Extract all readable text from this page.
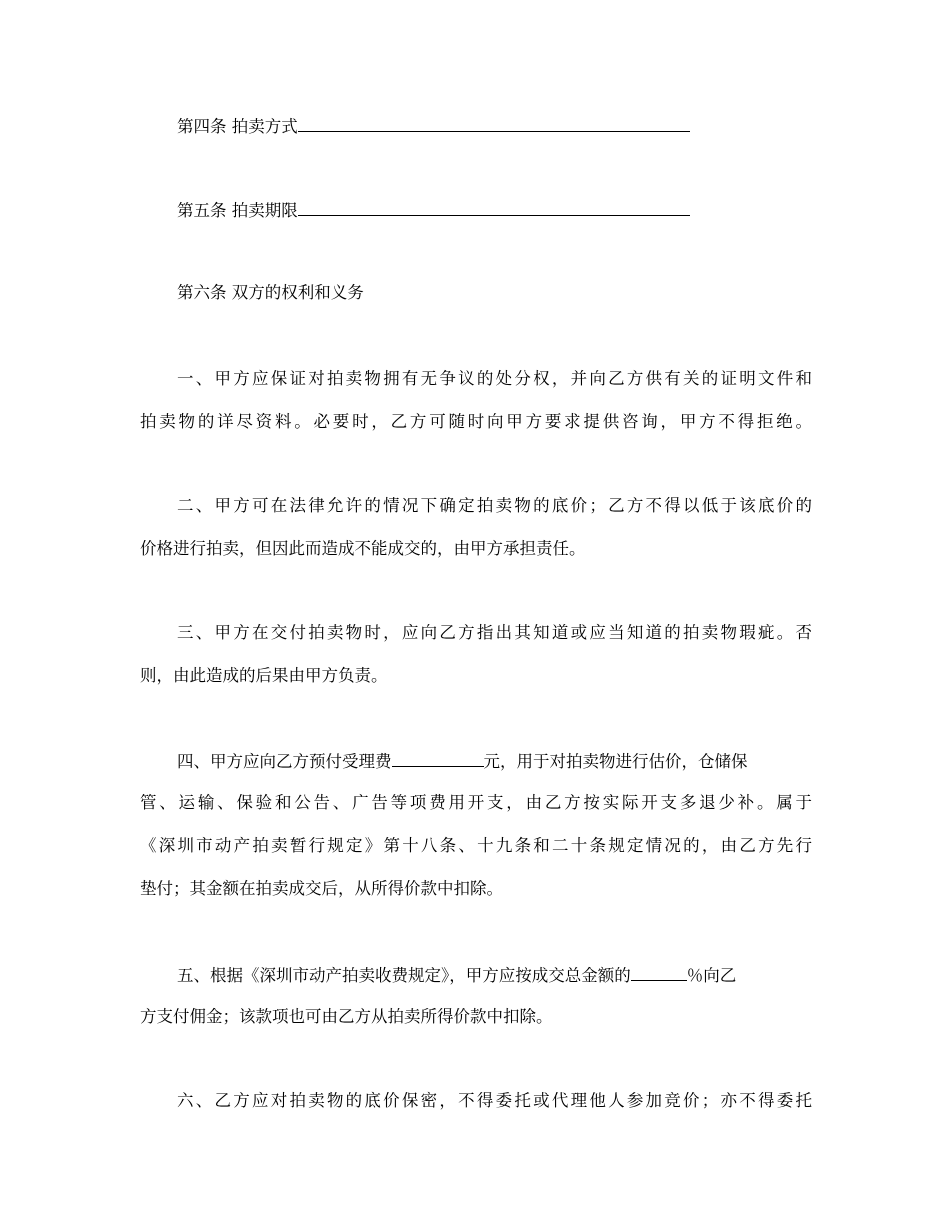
第四条 拍卖方式
第五条 拍卖期限
第六条 双方的权利和义务
一、甲方应保证对拍卖物拥有无争议的处分权，并向乙方供有关的证明文件和
拍卖物的详尽资料。必要时，乙方可随时向甲方要求提供咨询，甲方不得拒绝。
二、甲方可在法律允许的情况下确定拍卖物的底价；乙方不得以低于该底价的
价格进行拍卖，但因此而造成不能成交的，由甲方承担责任。
三、甲方在交付拍卖物时，应向乙方指出其知道或应当知道的拍卖物瑕疵。否
则，由此造成的后果由甲方负责。
四、甲方应向乙方预付受理费	元，用于对拍卖物进行估价，仓储保
管、运输、保验和公告、广告等项费用开支，由乙方按实际开支多退少补。属于
《深圳市动产拍卖暂行规定》第十八条、十九条和二十条规定情况的，由乙方先行
垫付；其金额在拍卖成交后，从所得价款中扣除。
五、根据《深圳市动产拍卖收费规定》，甲方应按成交总金额的	％向乙
方支付佣金；该款项也可由乙方从拍卖所得价款中扣除。
六、乙方应对拍卖物的底价保密，不得委托或代理他人参加竞价；亦不得委托
